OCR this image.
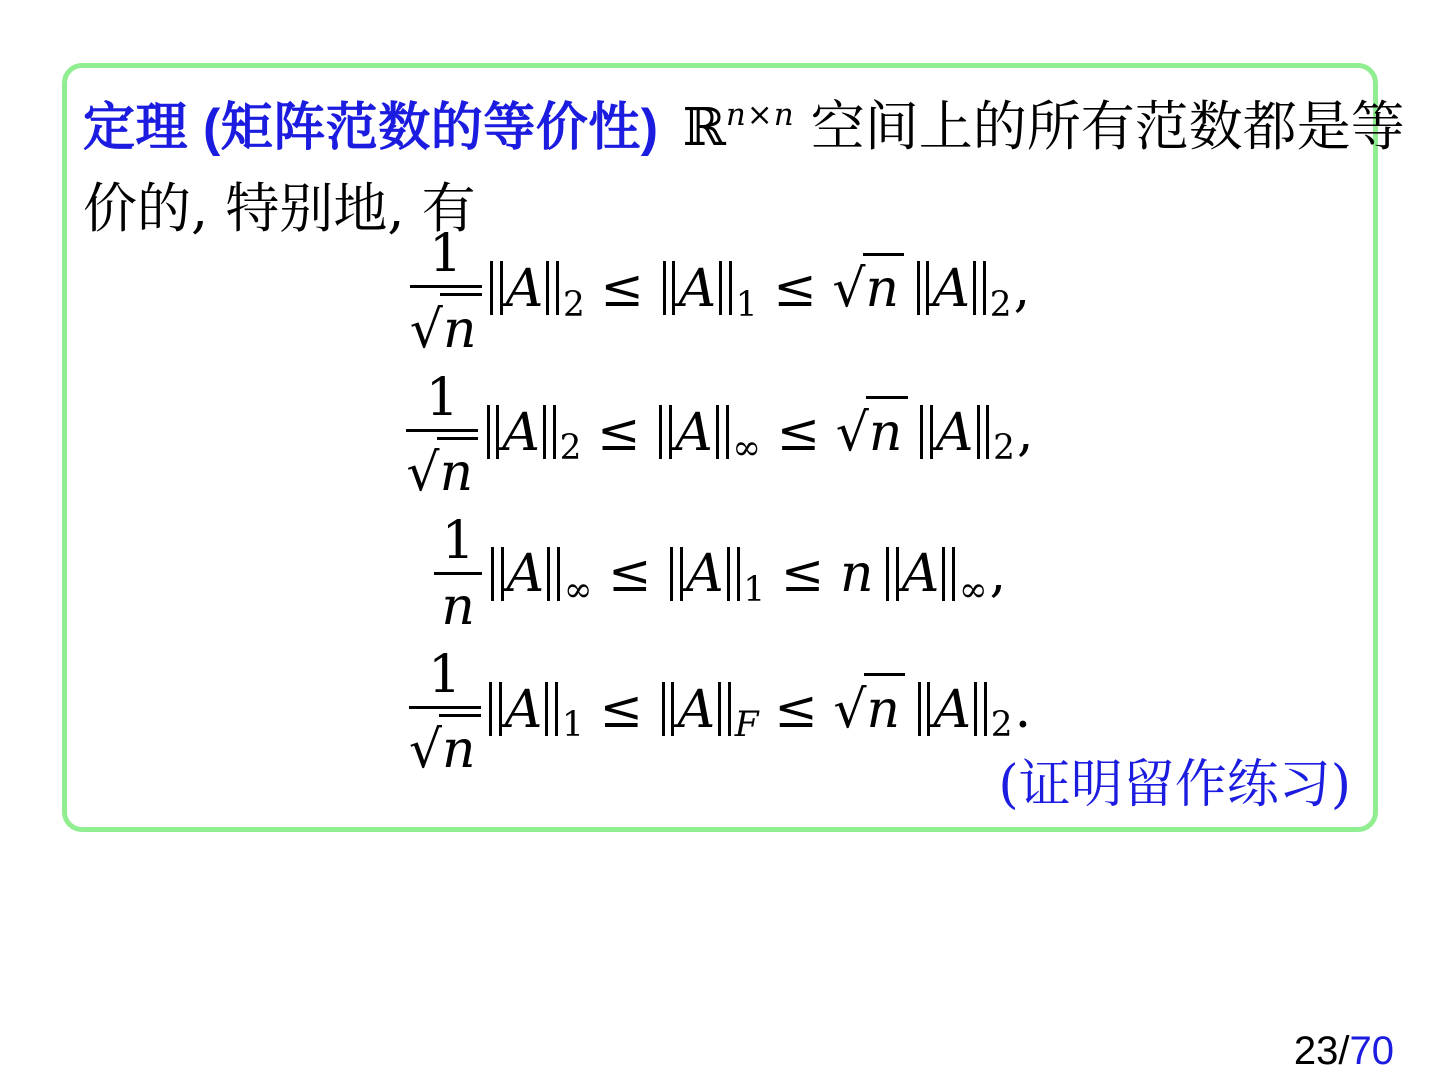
定理 (矩阵范数的等价性) ℝn×n 空间上的所有范数都是等
价的, 特别地, 有
$\frac{1}{√n}$ A 2 ≤ A 1 ≤ √n A 2,
$\frac{1}{√n}$ A 2 ≤ A ∞ ≤ √n A 2,
$\frac{1}{n}$ A ∞ ≤ A 1 ≤ n A ∞,
$\frac{1}{√n}$ A 1 ≤ A F ≤ √n A 2.
(证明留作练习)
23/70
